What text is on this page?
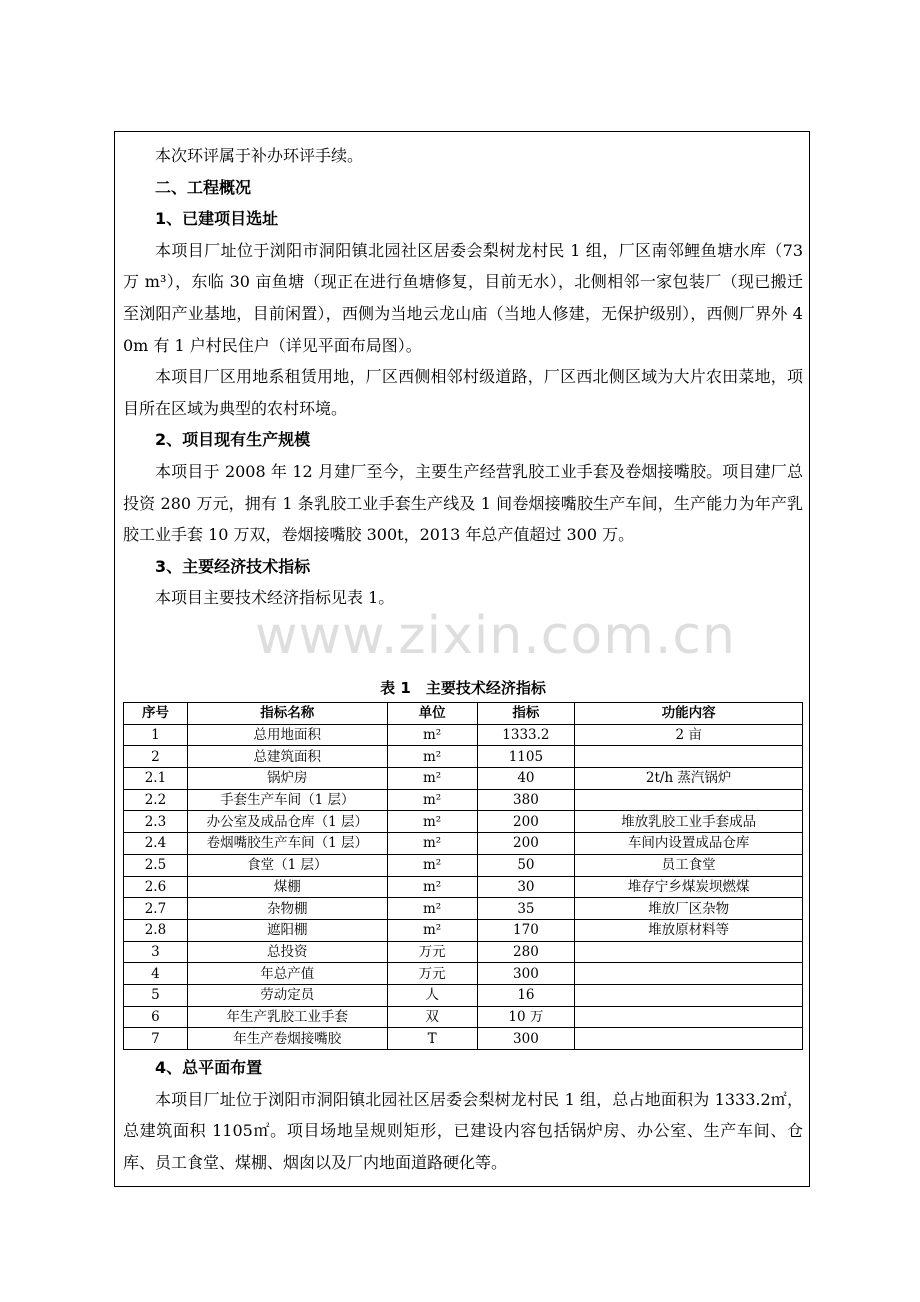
本次环评属于补办环评手续。

二、工程概况

1、已建项目选址

本项目厂址位于浏阳市洞阳镇北园社区居委会梨树龙村民 1 组，厂区南邻鲤鱼塘水库（73 万 m³），东临 30 亩鱼塘（现正在进行鱼塘修复，目前无水），北侧相邻一家包装厂（现已搬迁至浏阳产业基地，目前闲置），西侧为当地云龙山庙（当地人修建，无保护级别），西侧厂界外 40m 有 1 户村民住户（详见平面布局图）。

本项目厂区用地系租赁用地，厂区西侧相邻村级道路，厂区西北侧区域为大片农田菜地，项目所在区域为典型的农村环境。

2、项目现有生产规模

本项目于 2008 年 12 月建厂至今，主要生产经营乳胶工业手套及卷烟接嘴胶。项目建厂总投资 280 万元，拥有 1 条乳胶工业手套生产线及 1 间卷烟接嘴胶生产车间，生产能力为年产乳胶工业手套 10 万双，卷烟接嘴胶 300t，2013 年总产值超过 300 万。

3、主要经济技术指标

本项目主要技术经济指标见表 1。

表 1　主要技术经济指标
序号	指标名称	单位	指标	功能内容
1	总用地面积	m²	1333.2	2 亩
2	总建筑面积	m²	1105	
2.1	锅炉房	m²	40	2t/h 蒸汽锅炉
2.2	手套生产车间（1 层）	m²	380	
2.3	办公室及成品仓库（1 层）	m²	200	堆放乳胶工业手套成品
2.4	卷烟嘴胶生产车间（1 层）	m²	200	车间内设置成品仓库
2.5	食堂（1 层）	m²	50	员工食堂
2.6	煤棚	m²	30	堆存宁乡煤炭坝燃煤
2.7	杂物棚	m²	35	堆放厂区杂物
2.8	遮阳棚	m²	170	堆放原材料等
3	总投资	万元	280	
4	年总产值	万元	300	
5	劳动定员	人	16	
6	年生产乳胶工业手套	双	10 万	
7	年生产卷烟接嘴胶	T	300	

4、总平面布置

本项目厂址位于浏阳市洞阳镇北园社区居委会梨树龙村民 1 组，总占地面积为 1333.2㎡，总建筑面积 1105㎡。项目场地呈规则矩形，已建设内容包括锅炉房、办公室、生产车间、仓库、员工食堂、煤棚、烟囱以及厂内地面道路硬化等。

www.zixin.com.cn
